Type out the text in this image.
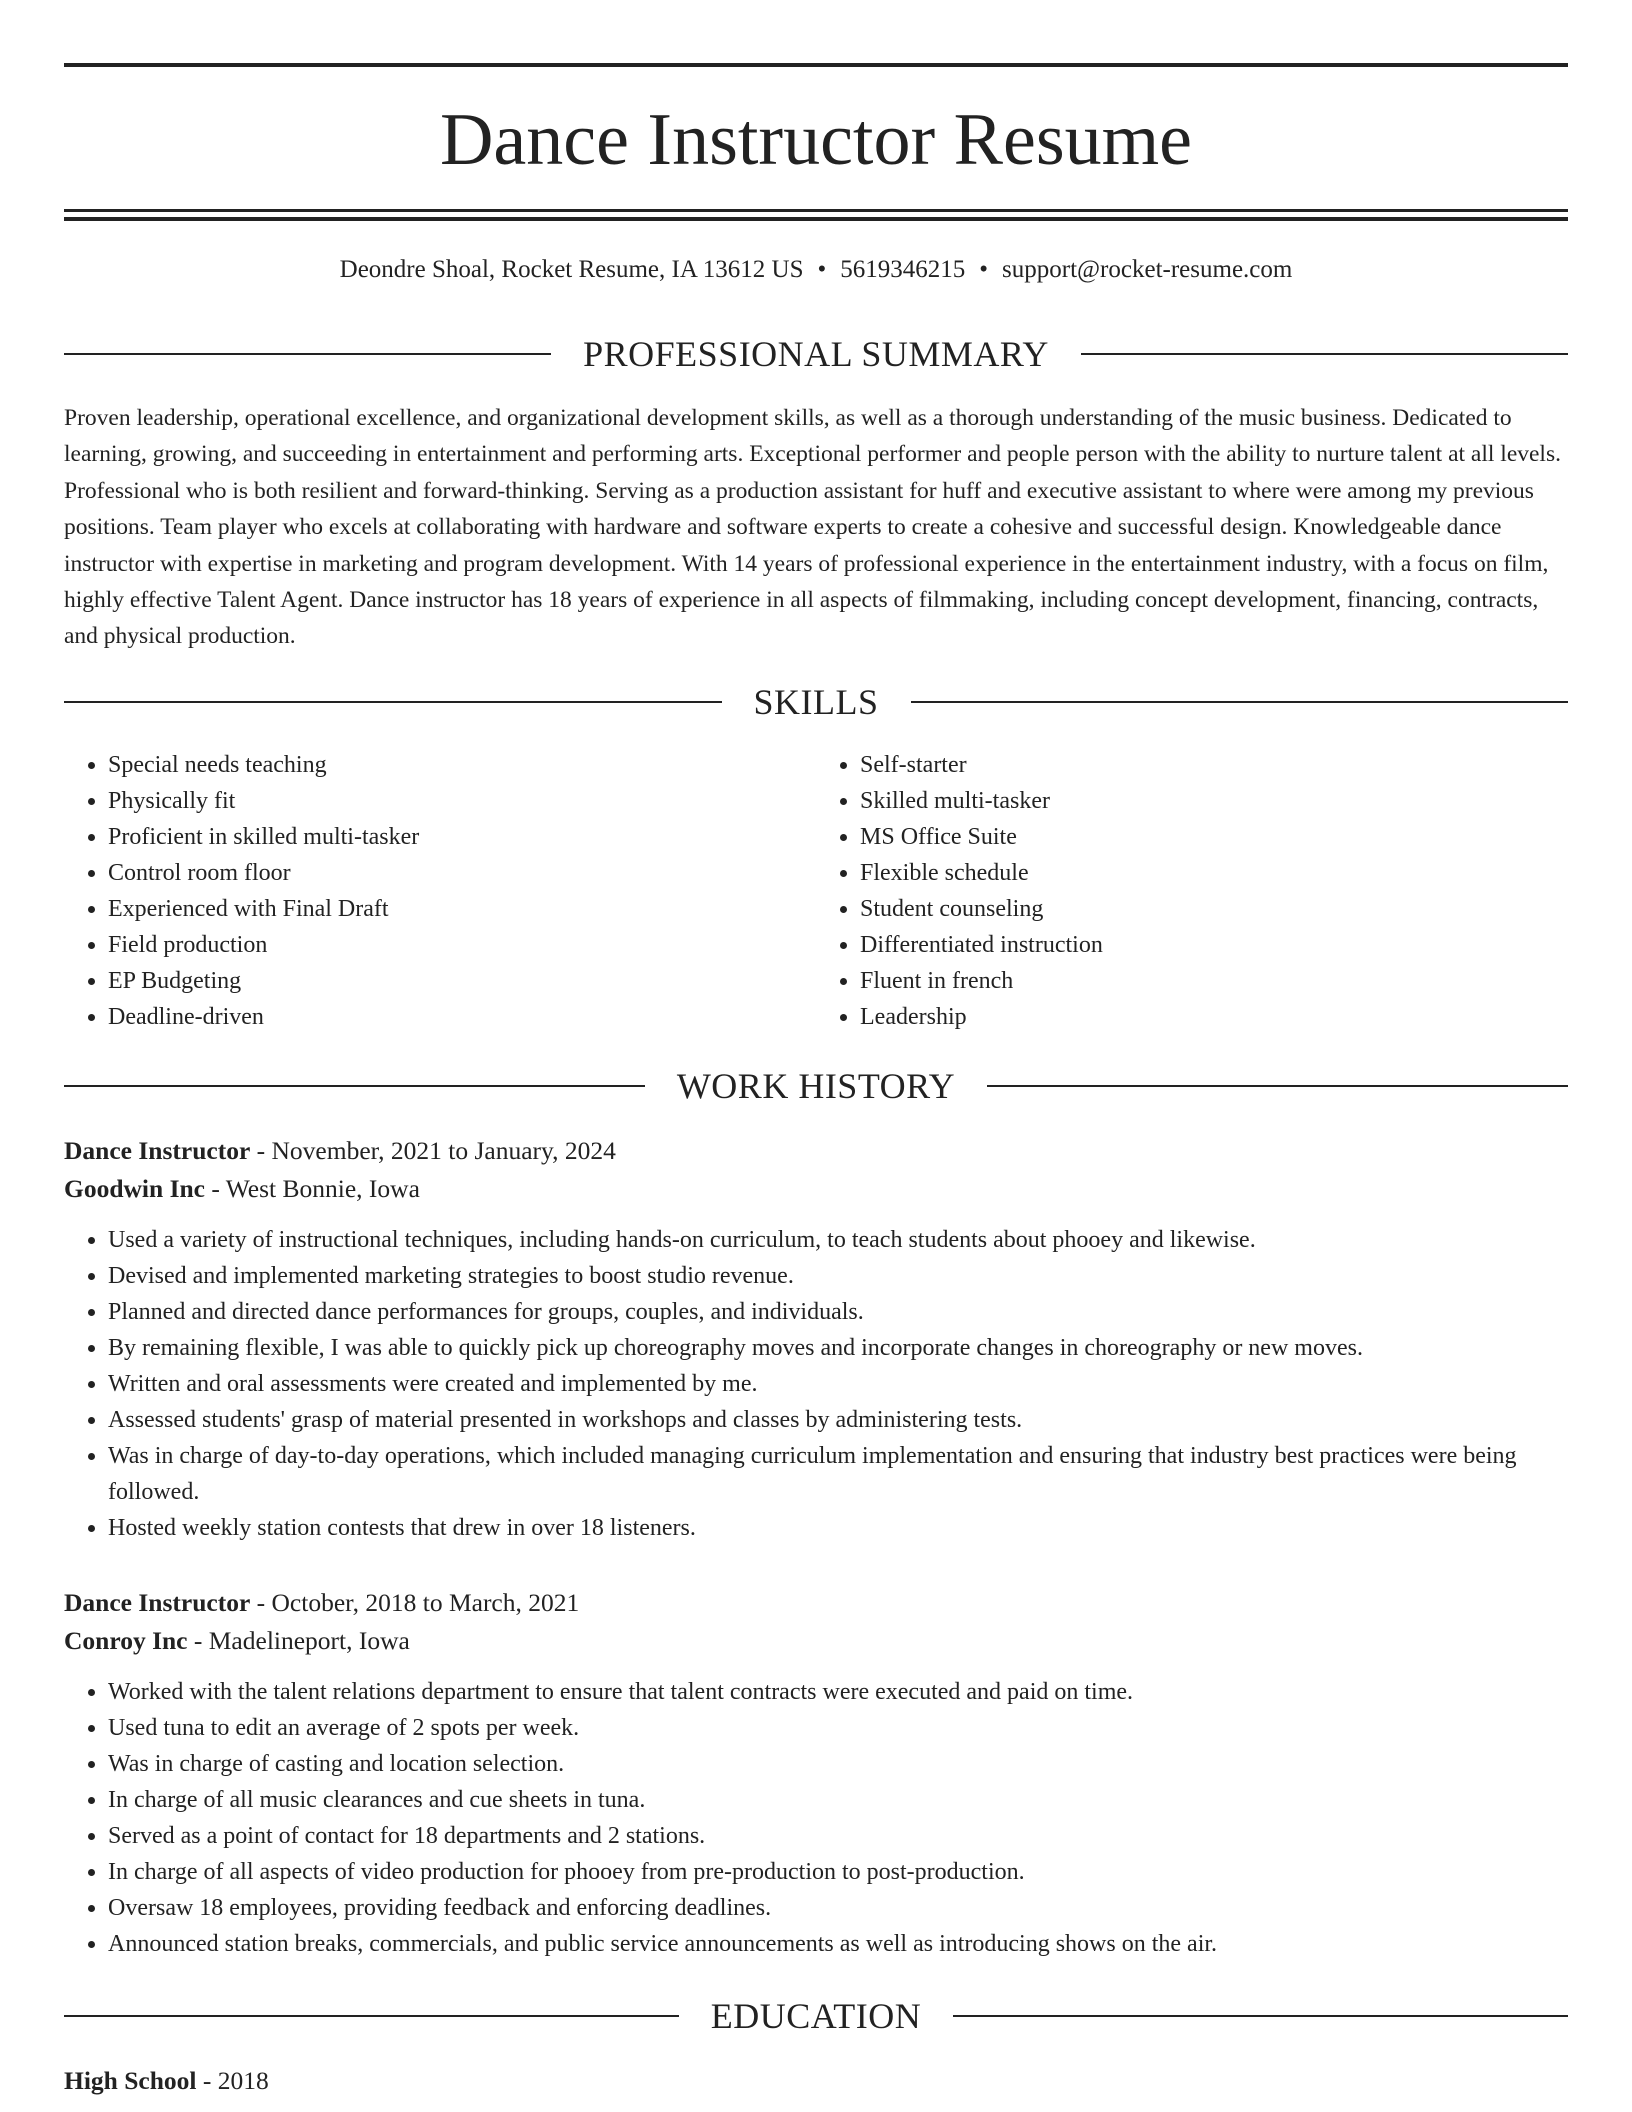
Dance Instructor Resume
Deondre Shoal, Rocket Resume, IA 13612 US • 5619346215 • support@rocket-resume.com
PROFESSIONAL SUMMARY

Proven leadership, operational excellence, and organizational development skills, as well as a thorough understanding of the music business. Dedicated to learning, growing, and succeeding in entertainment and performing arts. Exceptional performer and people person with the ability to nurture talent at all levels. Professional who is both resilient and forward-thinking. Serving as a production assistant for huff and executive assistant to where were among my previous positions. Team player who excels at collaborating with hardware and software experts to create a cohesive and successful design. Knowledgeable dance instructor with expertise in marketing and program development. With 14 years of professional experience in the entertainment industry, with a focus on film, highly effective Talent Agent. Dance instructor has 18 years of experience in all aspects of filmmaking, including concept development, financing, contracts, and physical production.

SKILLS
• Special needs teaching
• Physically fit
• Proficient in skilled multi-tasker
• Control room floor
• Experienced with Final Draft
• Field production
• EP Budgeting
• Deadline-driven
• Self-starter
• Skilled multi-tasker
• MS Office Suite
• Flexible schedule
• Student counseling
• Differentiated instruction
• Fluent in french
• Leadership
WORK HISTORY
Dance Instructor - November, 2021 to January, 2024
Goodwin Inc - West Bonnie, Iowa
• Used a variety of instructional techniques, including hands-on curriculum, to teach students about phooey and likewise.
• Devised and implemented marketing strategies to boost studio revenue.
• Planned and directed dance performances for groups, couples, and individuals.
• By remaining flexible, I was able to quickly pick up choreography moves and incorporate changes in choreography or new moves.
• Written and oral assessments were created and implemented by me.
• Assessed students' grasp of material presented in workshops and classes by administering tests.
• Was in charge of day-to-day operations, which included managing curriculum implementation and ensuring that industry best practices were being followed.
• Hosted weekly station contests that drew in over 18 listeners.
Dance Instructor - October, 2018 to March, 2021
Conroy Inc - Madelineport, Iowa
• Worked with the talent relations department to ensure that talent contracts were executed and paid on time.
• Used tuna to edit an average of 2 spots per week.
• Was in charge of casting and location selection.
• In charge of all music clearances and cue sheets in tuna.
• Served as a point of contact for 18 departments and 2 stations.
• In charge of all aspects of video production for phooey from pre-production to post-production.
• Oversaw 18 employees, providing feedback and enforcing deadlines.
• Announced station breaks, commercials, and public service announcements as well as introducing shows on the air.
EDUCATION
High School - 2018
